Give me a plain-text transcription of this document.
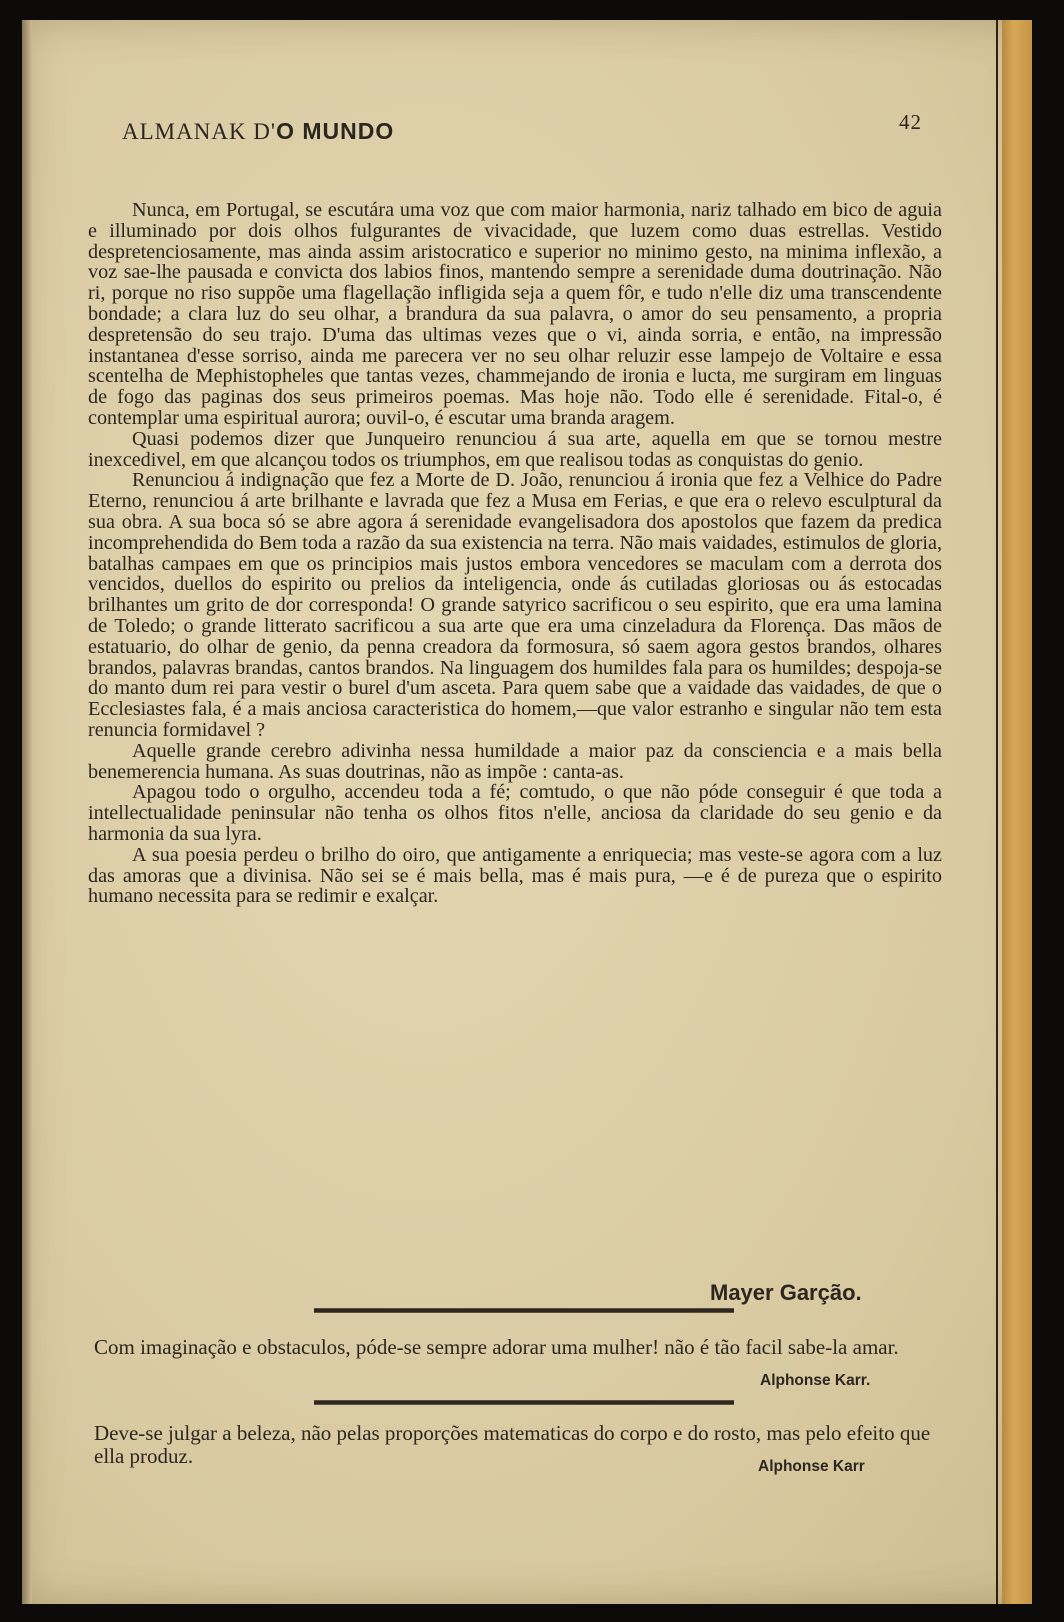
ALMANAK D'O MUNDO	42

Nunca, em Portugal, se escutára uma voz que com maior harmonia, nariz talhado em bico de aguia e illuminado por dois olhos fulgurantes de vivacidade, que luzem como duas estrellas. Vestido despretenciosamente, mas ainda assim aristocratico e superior no minimo gesto, na minima inflexão, a voz sae-lhe pausada e convicta dos labios finos, mantendo sempre a serenidade duma doutrinação. Não ri, porque no riso suppõe uma flagellação infligida seja a quem fôr, e tudo n'elle diz uma transcendente bondade; a clara luz do seu olhar, a brandura da sua palavra, o amor do seu pensamento, a propria despretensão do seu trajo. D'uma das ultimas vezes que o vi, ainda sorria, e então, na impressão instantanea d'esse sorriso, ainda me parecera ver no seu olhar reluzir esse lampejo de Voltaire e essa scentelha de Mephistopheles que tantas vezes, chammejando de ironia e lucta, me surgiram em linguas de fogo das paginas dos seus primeiros poemas. Mas hoje não. Todo elle é serenidade. Fital-o, é contemplar uma espiritual aurora; ouvil-o, é escutar uma branda aragem.

Quasi podemos dizer que Junqueiro renunciou á sua arte, aquella em que se tornou mestre inexcedivel, em que alcançou todos os triumphos, em que realisou todas as conquistas do genio.

Renunciou á indignação que fez a Morte de D. João, renunciou á ironia que fez a Velhice do Padre Eterno, renunciou á arte brilhante e lavrada que fez a Musa em Ferias, e que era o relevo esculptural da sua obra. A sua boca só se abre agora á serenidade evangelisadora dos apostolos que fazem da predica incomprehendida do Bem toda a razão da sua existencia na terra. Não mais vaidades, estimulos de gloria, batalhas campaes em que os principios mais justos embora vencedores se maculam com a derrota dos vencidos, duellos do espirito ou prelios da inteligencia, onde ás cutiladas gloriosas ou ás estocadas brilhantes um grito de dor corresponda! O grande satyrico sacrificou o seu espirito, que era uma lamina de Toledo; o grande litterato sacrificou a sua arte que era uma cinzeladura da Florença. Das mãos de estatuario, do olhar de genio, da penna creadora da formosura, só saem agora gestos brandos, olhares brandos, palavras brandas, cantos brandos. Na linguagem dos humildes fala para os humildes; despoja-se do manto dum rei para vestir o burel d'um asceta. Para quem sabe que a vaidade das vaidades, de que o Ecclesiastes fala, é a mais anciosa caracteristica do homem,—que valor estranho e singular não tem esta renuncia formidavel ?

Aquelle grande cerebro adivinha nessa humildade a maior paz da consciencia e a mais bella benemerencia humana. As suas doutrinas, não as impõe : canta-as.

Apagou todo o orgulho, accendeu toda a fé; comtudo, o que não póde conseguir é que toda a intellectualidade peninsular não tenha os olhos fitos n'elle, anciosa da claridade do seu genio e da harmonia da sua lyra.

A sua poesia perdeu o brilho do oiro, que antigamente a enriquecia; mas veste-se agora com a luz das amoras que a divinisa. Não sei se é mais bella, mas é mais pura, —e é de pureza que o espirito humano necessita para se redimir e exalçar.

Mayer Garção.

Com imaginação e obstaculos, póde-se sempre adorar uma mulher! não é tão facil sabe-la amar.

Alphonse Karr.

Deve-se julgar a beleza, não pelas proporções matematicas do corpo e do rosto, mas pelo efeito que ella produz.	Alphonse Karr
